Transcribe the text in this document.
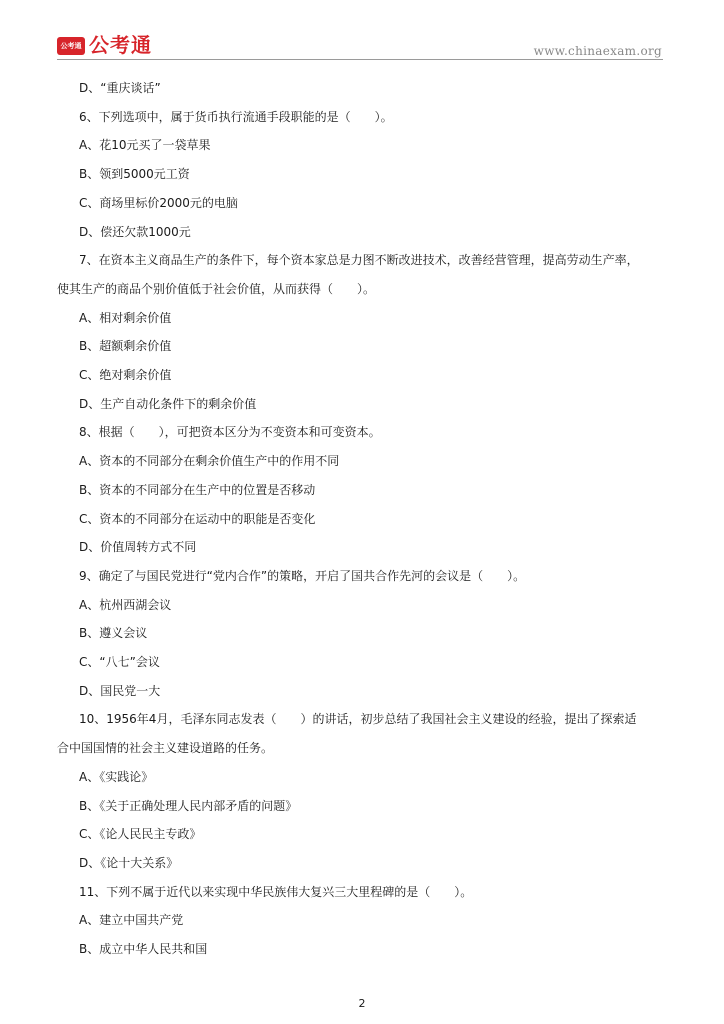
公考通 公考通	www.chinaexam.org
D、“重庆谈话”
6、下列选项中，属于货币执行流通手段职能的是（　　）。
A、花10元买了一袋草果
B、领到5000元工资
C、商场里标价2000元的电脑
D、偿还欠款1000元
7、在资本主义商品生产的条件下，每个资本家总是力图不断改进技术，改善经营管理，提高劳动生产率，
使其生产的商品个别价值低于社会价值，从而获得（　　）。
A、相对剩余价值
B、超额剩余价值
C、绝对剩余价值
D、生产自动化条件下的剩余价值
8、根据（　　），可把资本区分为不变资本和可变资本。
A、资本的不同部分在剩余价值生产中的作用不同
B、资本的不同部分在生产中的位置是否移动
C、资本的不同部分在运动中的职能是否变化
D、价值周转方式不同
9、确定了与国民党进行“党内合作”的策略，开启了国共合作先河的会议是（　　）。
A、杭州西湖会议
B、遵义会议
C、“八七”会议
D、国民党一大
10、1956年4月，毛泽东同志发表（　　）的讲话，初步总结了我国社会主义建设的经验，提出了探索适
合中国国情的社会主义建设道路的任务。
A、《实践论》
B、《关于正确处理人民内部矛盾的问题》
C、《论人民民主专政》
D、《论十大关系》
11、下列不属于近代以来实现中华民族伟大复兴三大里程碑的是（　　）。
A、建立中国共产党
B、成立中华人民共和国
2
